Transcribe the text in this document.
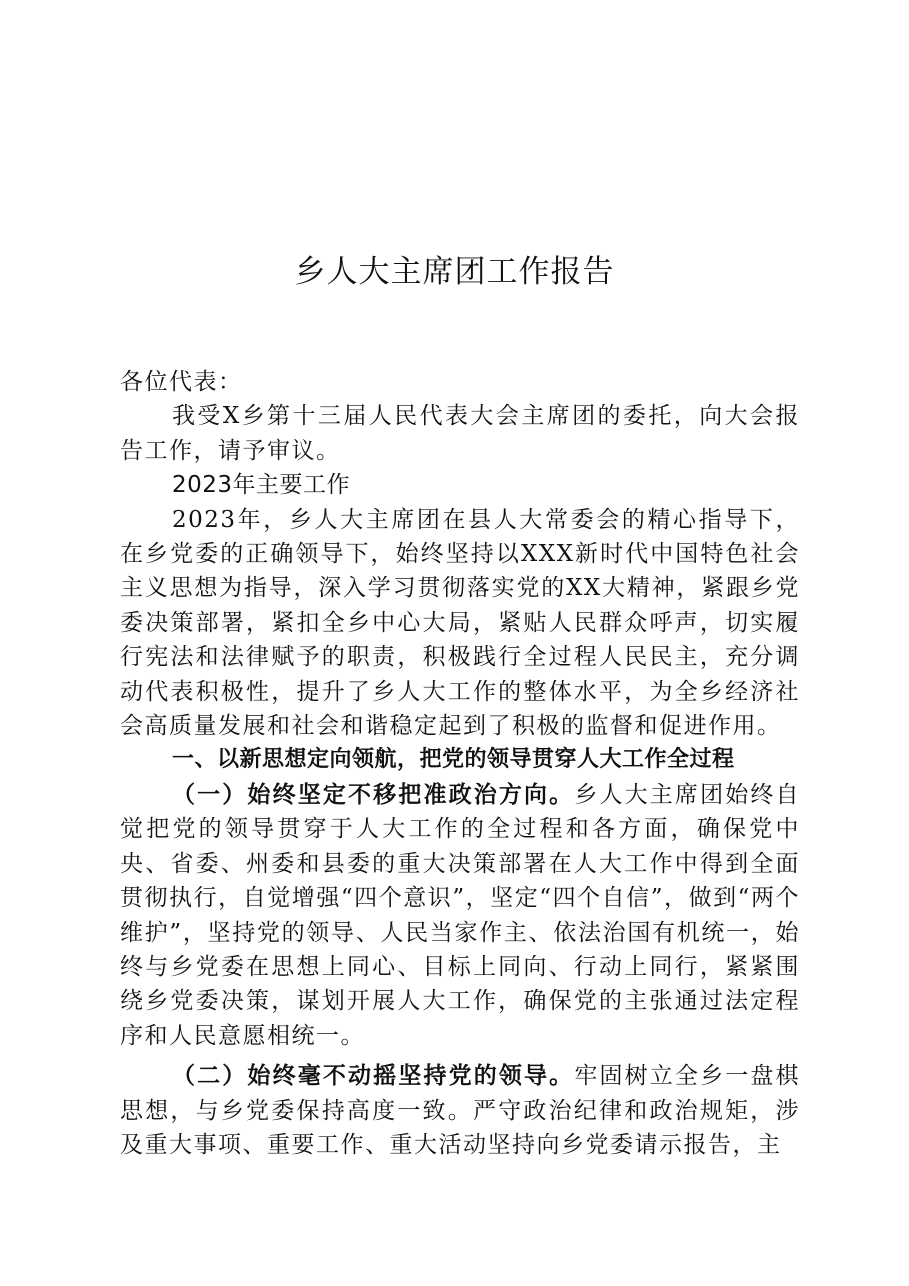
乡人大主席团工作报告

各位代表：

我受X乡第十三届人民代表大会主席团的委托，向大会报告工作，请予审议。

2023年主要工作

2023年，乡人大主席团在县人大常委会的精心指导下，在乡党委的正确领导下，始终坚持以XXX新时代中国特色社会主义思想为指导，深入学习贯彻落实党的XX大精神，紧跟乡党委决策部署，紧扣全乡中心大局，紧贴人民群众呼声，切实履行宪法和法律赋予的职责，积极践行全过程人民民主，充分调动代表积极性，提升了乡人大工作的整体水平，为全乡经济社会高质量发展和社会和谐稳定起到了积极的监督和促进作用。

一、以新思想定向领航，把党的领导贯穿人大工作全过程

（一）始终坚定不移把准政治方向。乡人大主席团始终自觉把党的领导贯穿于人大工作的全过程和各方面，确保党中央、省委、州委和县委的重大决策部署在人大工作中得到全面贯彻执行，自觉增强“四个意识”，坚定“四个自信”，做到“两个维护”，坚持党的领导、人民当家作主、依法治国有机统一，始终与乡党委在思想上同心、目标上同向、行动上同行，紧紧围绕乡党委决策，谋划开展人大工作，确保党的主张通过法定程序和人民意愿相统一。

（二）始终毫不动摇坚持党的领导。牢固树立全乡一盘棋思想，与乡党委保持高度一致。严守政治纪律和政治规矩，涉及重大事项、重要工作、重大活动坚持向乡党委请示报告，主
